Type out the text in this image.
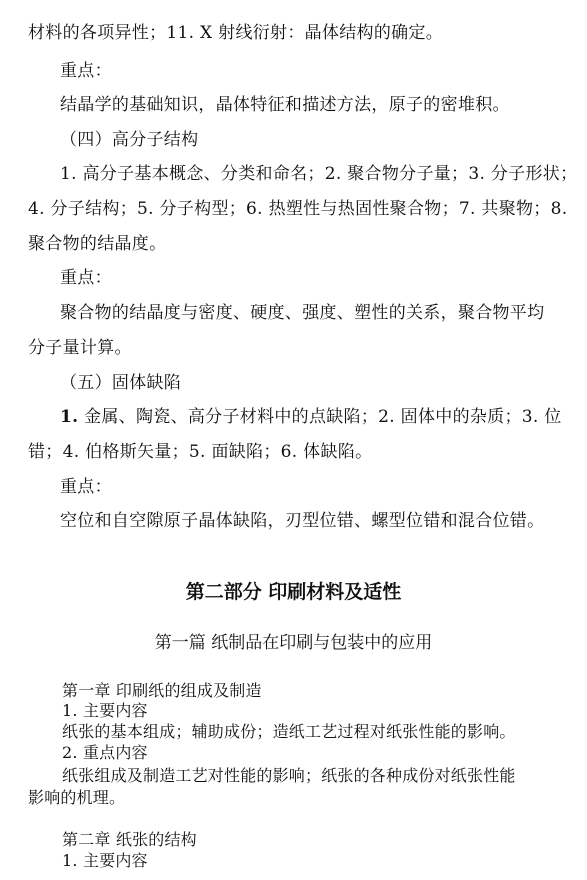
材料的各项异性；11. X 射线衍射：晶体结构的确定。
重点：
结晶学的基础知识，晶体特征和描述方法，原子的密堆积。
（四）高分子结构
1. 高分子基本概念、分类和命名；2. 聚合物分子量；3. 分子形状；
4. 分子结构；5. 分子构型；6. 热塑性与热固性聚合物；7. 共聚物；8.
聚合物的结晶度。
重点：
聚合物的结晶度与密度、硬度、强度、塑性的关系，聚合物平均
分子量计算。
（五）固体缺陷
1. 金属、陶瓷、高分子材料中的点缺陷；2. 固体中的杂质；3. 位
错；4. 伯格斯矢量；5. 面缺陷；6. 体缺陷。
重点：
空位和自空隙原子晶体缺陷，刃型位错、螺型位错和混合位错。
第二部分 印刷材料及适性
第一篇 纸制品在印刷与包装中的应用
第一章 印刷纸的组成及制造
1. 主要内容
纸张的基本组成；辅助成份；造纸工艺过程对纸张性能的影响。
2. 重点内容
纸张组成及制造工艺对性能的影响；纸张的各种成份对纸张性能
影响的机理。
第二章 纸张的结构
1. 主要内容
